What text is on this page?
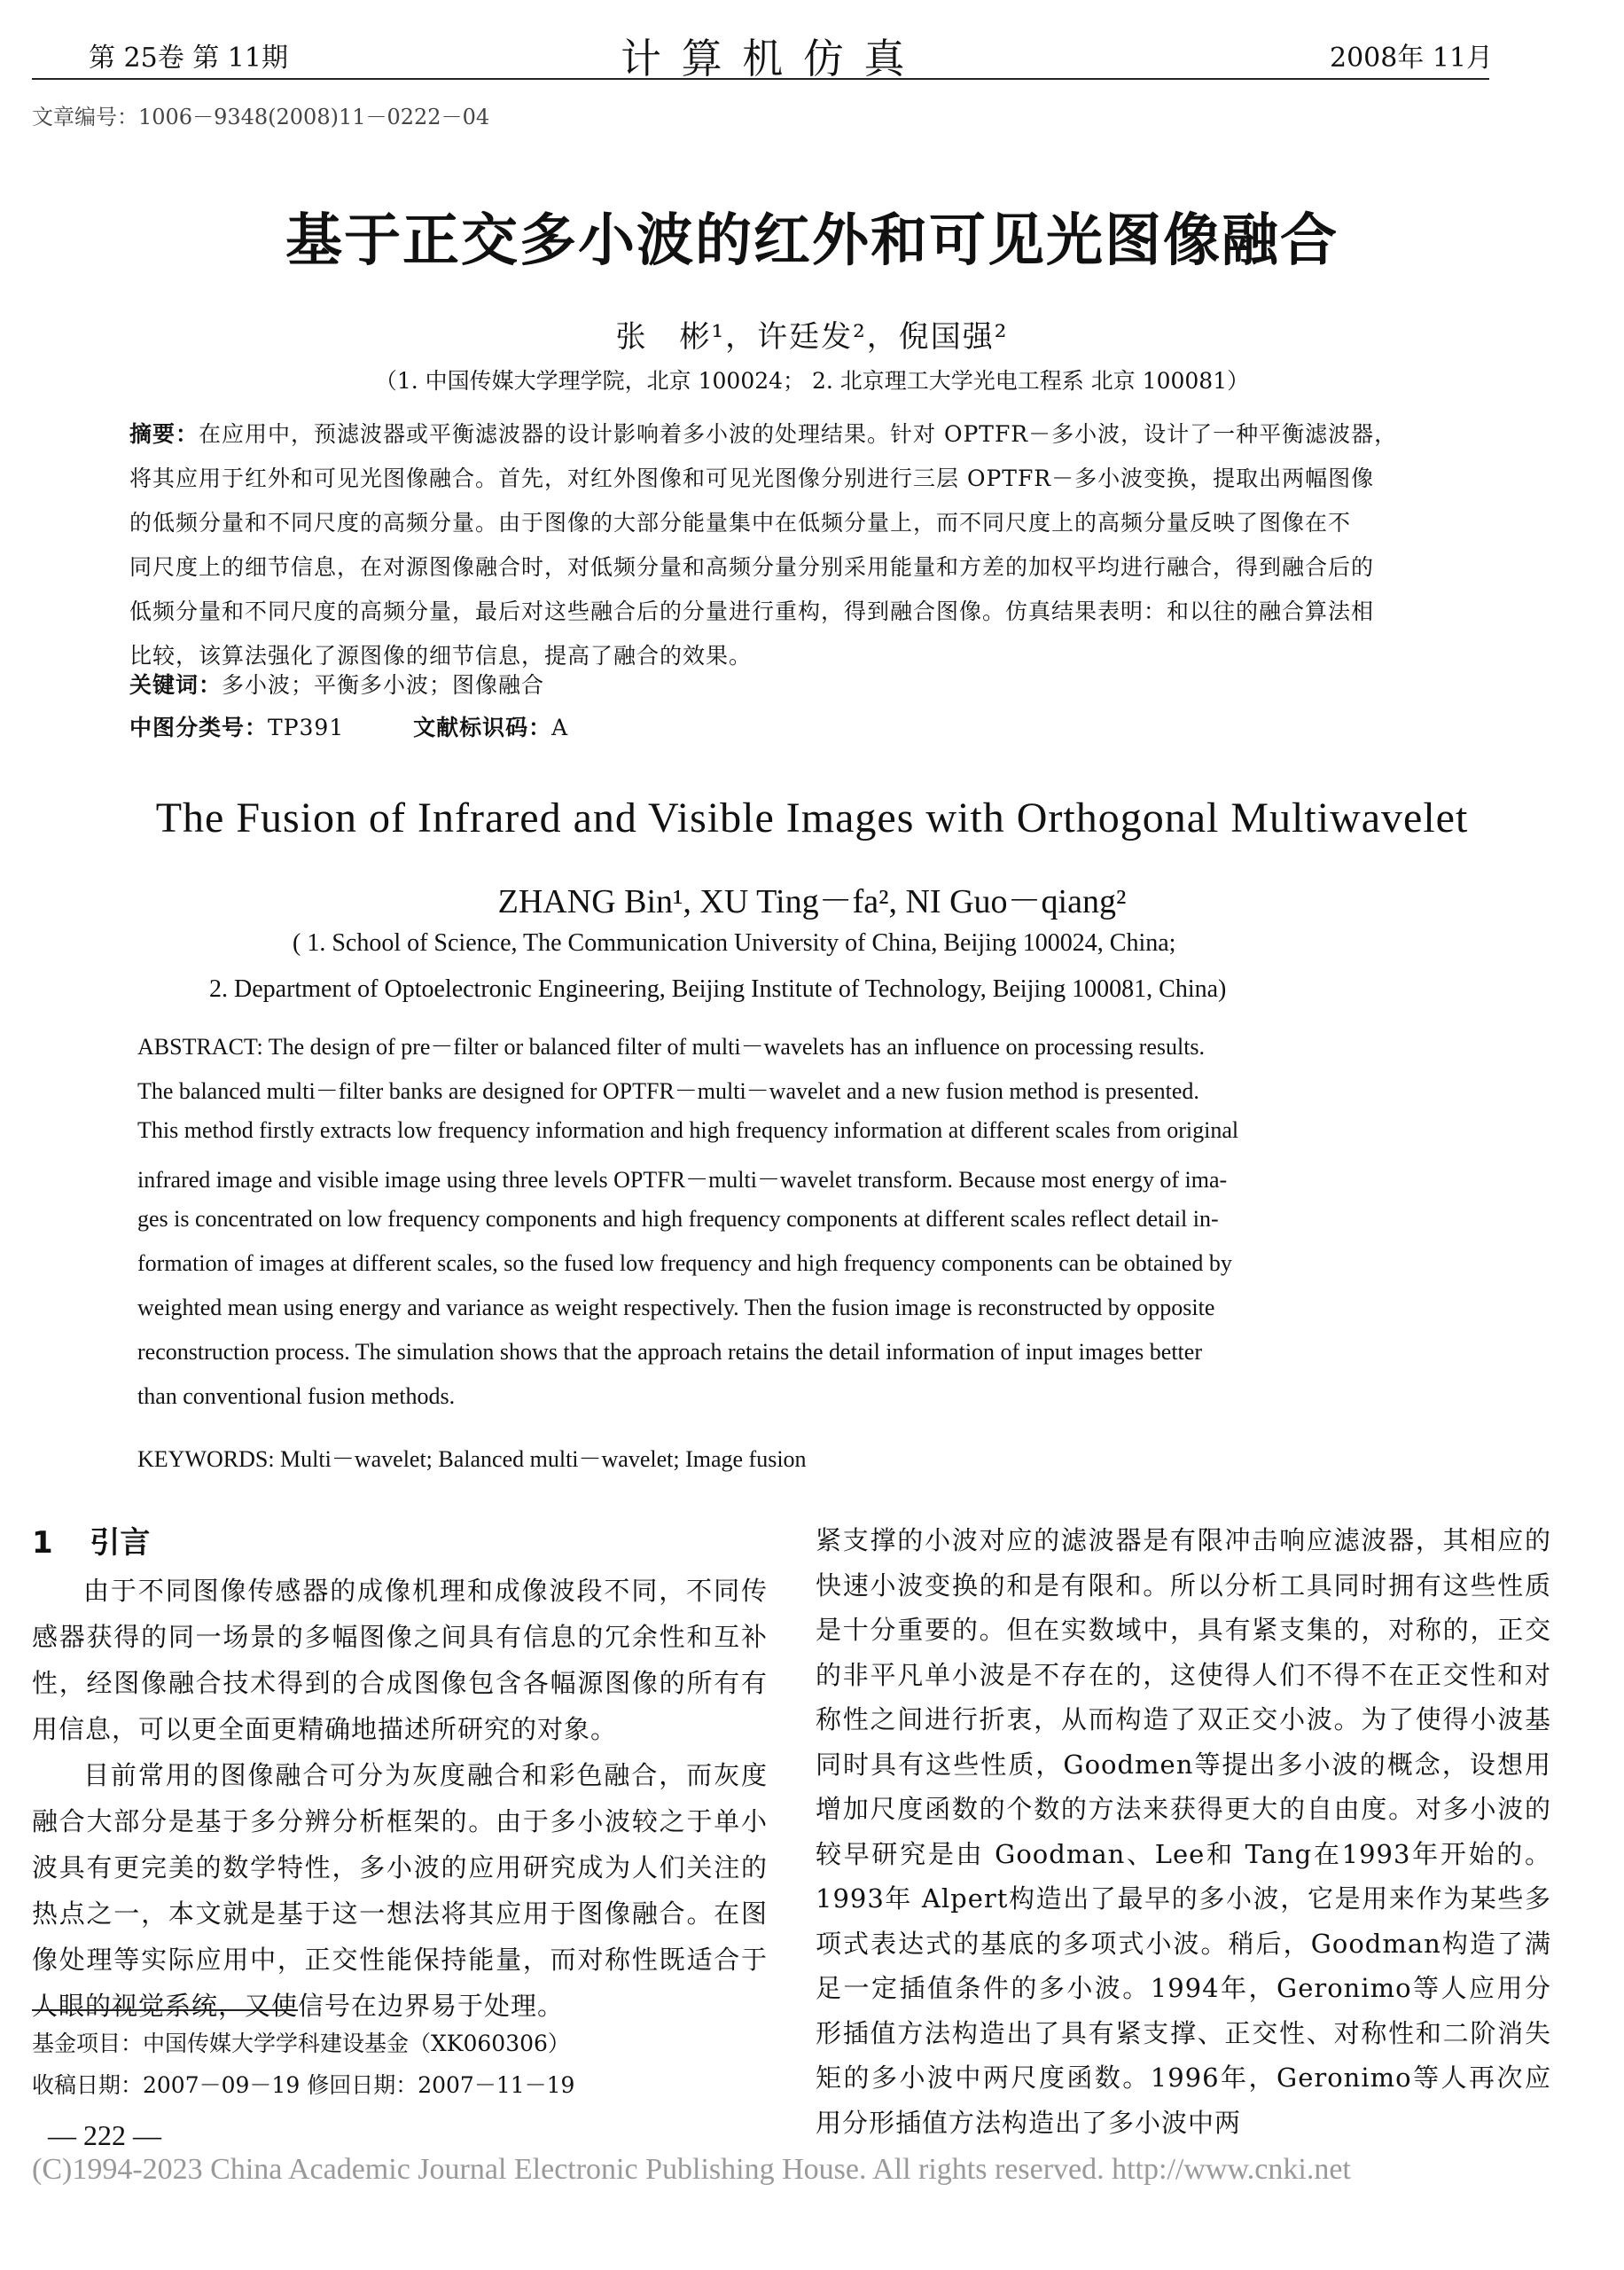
第 25卷 第 11期	计 算 机 仿 真	2008年 11月
文章编号：1006－9348(2008)11－0222－04
基于正交多小波的红外和可见光图像融合
张　彬¹，许廷发²，倪国强²
（1. 中国传媒大学理学院，北京 100024； 2. 北京理工大学光电工程系 北京 100081）
摘要：在应用中，预滤波器或平衡滤波器的设计影响着多小波的处理结果。针对 OPTFR－多小波，设计了一种平衡滤波器，
将其应用于红外和可见光图像融合。首先，对红外图像和可见光图像分别进行三层 OPTFR－多小波变换，提取出两幅图像
的低频分量和不同尺度的高频分量。由于图像的大部分能量集中在低频分量上，而不同尺度上的高频分量反映了图像在不
同尺度上的细节信息，在对源图像融合时，对低频分量和高频分量分别采用能量和方差的加权平均进行融合，得到融合后的
低频分量和不同尺度的高频分量，最后对这些融合后的分量进行重构，得到融合图像。仿真结果表明：和以往的融合算法相
比较，该算法强化了源图像的细节信息，提高了融合的效果。
关键词：多小波；平衡多小波；图像融合
中图分类号：TP391	文献标识码：A
The Fusion of Infrared and Visible Images with Orthogonal Multiwavelet
ZHANG Bin¹, XU Ting－fa², NI Guo－qiang²
( 1. School of Science, The Communication University of China, Beijing 100024, China;
2. Department of Optoelectronic Engineering, Beijing Institute of Technology, Beijing 100081, China)
ABSTRACT: The design of pre－filter or balanced filter of multi－wavelets has an influence on processing results.
The balanced multi－filter banks are designed for OPTFR－multi－wavelet and a new fusion method is presented.
This method firstly extracts low frequency information and high frequency information at different scales from original
infrared image and visible image using three levels OPTFR－multi－wavelet transform. Because most energy of ima-
ges is concentrated on low frequency components and high frequency components at different scales reflect detail in-
formation of images at different scales, so the fused low frequency and high frequency components can be obtained by
weighted mean using energy and variance as weight respectively. Then the fusion image is reconstructed by opposite
reconstruction process. The simulation shows that the approach retains the detail information of input images better
than conventional fusion methods.
KEYWORDS: Multi－wavelet; Balanced multi－wavelet; Image fusion
1 引言

由于不同图像传感器的成像机理和成像波段不同，不同传感器获得的同一场景的多幅图像之间具有信息的冗余性和互补性，经图像融合技术得到的合成图像包含各幅源图像的所有有用信息，可以更全面更精确地描述所研究的对象。

目前常用的图像融合可分为灰度融合和彩色融合，而灰度融合大部分是基于多分辨分析框架的。由于多小波较之于单小波具有更完美的数学特性，多小波的应用研究成为人们关注的热点之一，本文就是基于这一想法将其应用于图像融合。在图像处理等实际应用中，正交性能保持能量，而对称性既适合于人眼的视觉系统，又使信号在边界易于处理。

紧支撑的小波对应的滤波器是有限冲击响应滤波器，其相应的快速小波变换的和是有限和。所以分析工具同时拥有这些性质是十分重要的。但在实数域中，具有紧支集的，对称的，正交的非平凡单小波是不存在的，这使得人们不得不在正交性和对称性之间进行折衷，从而构造了双正交小波。为了使得小波基同时具有这些性质，Goodmen等提出多小波的概念，设想用增加尺度函数的个数的方法来获得更大的自由度。对多小波的较早研究是由 Goodman、Lee和 Tang在1993年开始的。1993年 Alpert构造出了最早的多小波，它是用来作为某些多项式表达式的基底的多项式小波。稍后，Goodman构造了满足一定插值条件的多小波。1994年，Geronimo等人应用分形插值方法构造出了具有紧支撑、正交性、对称性和二阶消失矩的多小波中两尺度函数。1996年，Geronimo等人再次应用分形插值方法构造出了多小波中两

基金项目：中国传媒大学学科建设基金（XK060306）
收稿日期：2007－09－19 修回日期：2007－11－19
— 222 —
(C)1994-2023 China Academic Journal Electronic Publishing House. All rights reserved. http://www.cnki.net
